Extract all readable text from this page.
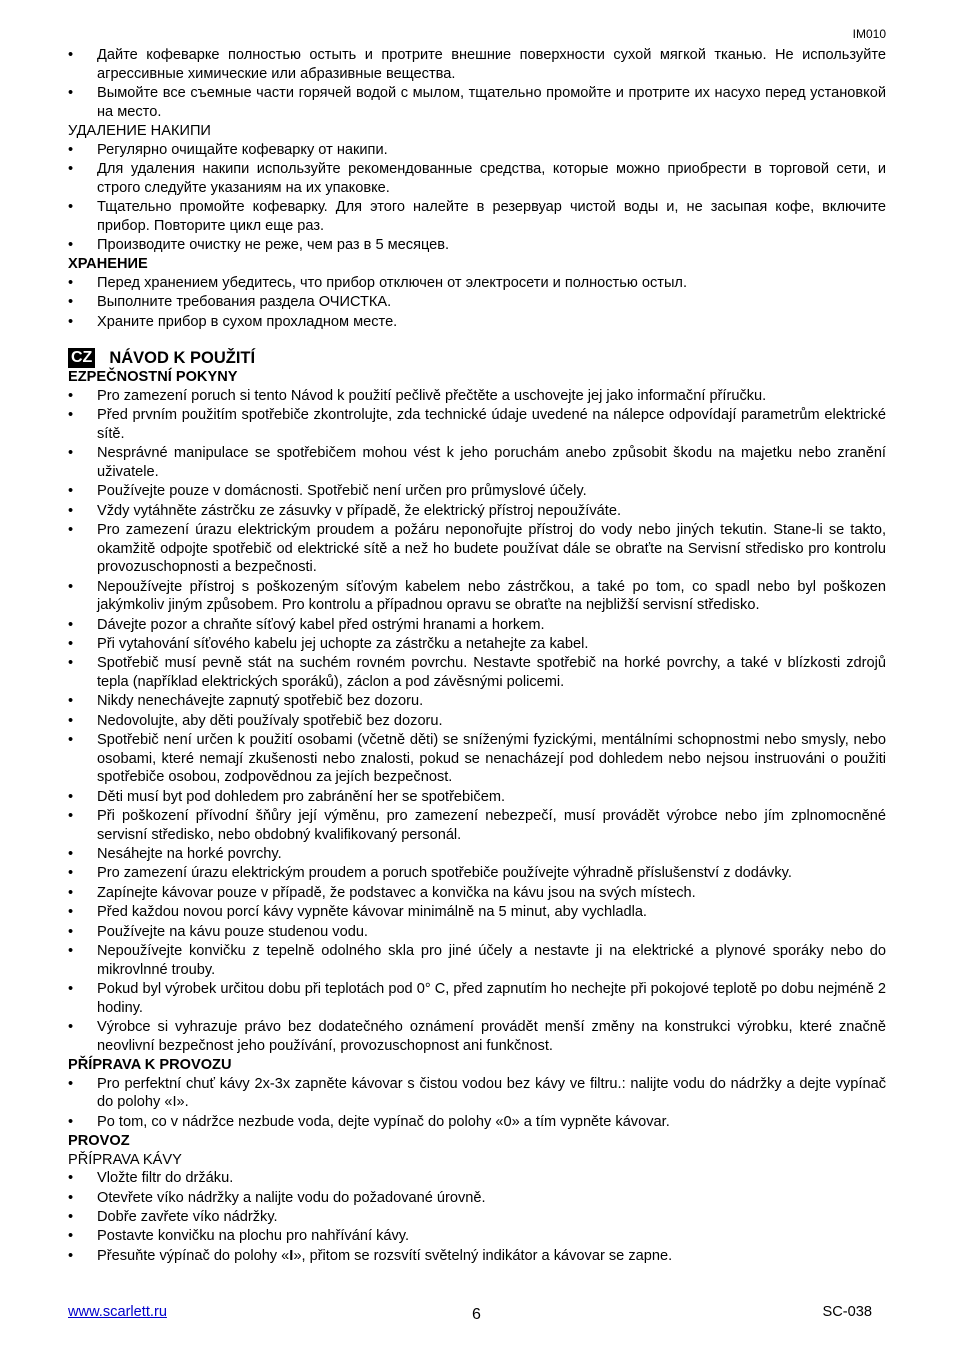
IM010
•	Дайте кофеварке полностью остыть и протрите внешние поверхности сухой мягкой тканью. Не используйте агрессивные химические или абразивные вещества.
•	Вымойте все съемные части горячей водой с мылом, тщательно промойте и протрите их насухо перед установкой на место.

УДАЛЕНИЕ НАКИПИ

•	Регулярно очищайте кофеварку от накипи.
•	Для удаления накипи используйте рекомендованные средства, которые можно приобрести в торговой сети, и строго следуйте указаниям на их упаковке.
•	Тщательно промойте кофеварку. Для этого налейте в резервуар чистой воды и, не засыпая кофе, включите прибор. Повторите цикл еще раз.
•	Производите очистку не реже, чем раз в 5 месяцев.

ХРАНЕНИЕ

•	Перед хранением убедитесь, что прибор отключен от электросети и полностью остыл.
•	Выполните требования раздела ОЧИСТКА.
•	Храните прибор в сухом прохладном месте.
CZ NÁVOD K POUŽITÍ

EZPEČNOSTNÍ POKYNY

•	Pro zamezení poruch si tento Návod k použití pečlivě přečtěte a uschovejte jej jako informační příručku.
•	Před prvním použitím spotřebiče zkontrolujte, zda technické údaje uvedené na nálepce odpovídají parametrům elektrické sítě.
•	Nesprávné manipulace se spotřebičem mohou vést k jeho poruchám anebo způsobit škodu na majetku nebo zranění uživatele.
•	Používejte pouze v domácnosti. Spotřebič není určen pro průmyslové účely.
•	Vždy vytáhněte zástrčku ze zásuvky v případě, že elektrický přístroj nepoužíváte.
•	Pro zamezení úrazu elektrickým proudem a požáru neponořujte přístroj do vody nebo jiných tekutin. Stane-li se takto, okamžitě odpojte spotřebič od elektrické sítě a než ho budete používat dále se obraťte na Servisní středisko pro kontrolu provozuschopnosti a bezpečnosti.
•	Nepoužívejte přístroj s poškozeným síťovým kabelem nebo zástrčkou, a také po tom, co spadl nebo byl poškozen jakýmkoliv jiným způsobem. Pro kontrolu a případnou opravu se obraťte na nejbližší servisní středisko.
•	Dávejte pozor a chraňte síťový kabel před ostrými hranami a horkem.
•	Při vytahování síťového kabelu jej uchopte za zástrčku a netahejte za kabel.
•	Spotřebič musí pevně stát na suchém rovném povrchu. Nestavte spotřebič na horké povrchy, a také v blízkosti zdrojů tepla (například elektrických sporáků), záclon a pod závěsnými policemi.
•	Nikdy nenechávejte zapnutý spotřebič bez dozoru.
•	Nedovolujte, aby děti používaly spotřebič bez dozoru.
•	Spotřebič není určen k použití osobami (včetně děti) se sníženými fyzickými, mentálními schopnostmi nebo smysly, nebo osobami, které nemají zkušenosti nebo znalosti, pokud se nenacházejí pod dohledem nebo nejsou instruováni o použiti spotřebiče osobou, zodpovědnou za jejích bezpečnost.
•	Děti musí byt pod dohledem pro zabránění her se spotřebičem.
•	Při poškození přívodní šňůry její výměnu, pro zamezení nebezpečí, musí provádět výrobce nebo jím zplnomocněné servisní středisko, nebo obdobný kvalifikovaný personál.
•	Nesáhejte na horké povrchy.
•	Pro zamezení úrazu elektrickým proudem a poruch spotřebiče používejte výhradně příslušenství z dodávky.
•	Zapínejte kávovar pouze v případě, že podstavec a konvička na kávu jsou na svých místech.
•	Před každou novou porcí kávy vypněte kávovar minimálně na 5 minut, aby vychladla.
•	Používejte na kávu pouze studenou vodu.
•	Nepoužívejte konvičku z tepelně odolného skla pro jiné účely a nestavte ji na elektrické a plynové sporáky nebo do mikrovlnné trouby.
•	Pokud byl výrobek určitou dobu při teplotách pod 0° C, před zapnutím ho nechejte při pokojové teplotě po dobu nejméně 2 hodiny.
•	Výrobce si vyhrazuje právo bez dodatečného oznámení provádět menší změny na konstrukci výrobku, které značně neovlivní bezpečnost jeho používání, provozuschopnost ani funkčnost.

PŘÍPRAVA K PROVOZU

•	Pro perfektní chuť kávy 2x-3x zapněte kávovar s čistou vodou bez kávy ve filtru.: nalijte vodu do nádržky a dejte vypínač do polohy «I».
•	Po tom, co v nádržce nezbude voda, dejte vypínač do polohy «0» a tím vypněte kávovar.

PROVOZ

PŘÍPRAVA KÁVY

•	Vložte filtr do držáku.
•	Otevřete víko nádržky a nalijte vodu do požadované úrovně.
•	Dobře zavřete víko nádržky.
•	Postavte konvičku na plochu pro nahřívání kávy.
•	Přesuňte výpínač do polohy «I», přitom se rozsvítí světelný indikátor a kávovar se zapne.
www.scarlett.ru	6	SC-038
